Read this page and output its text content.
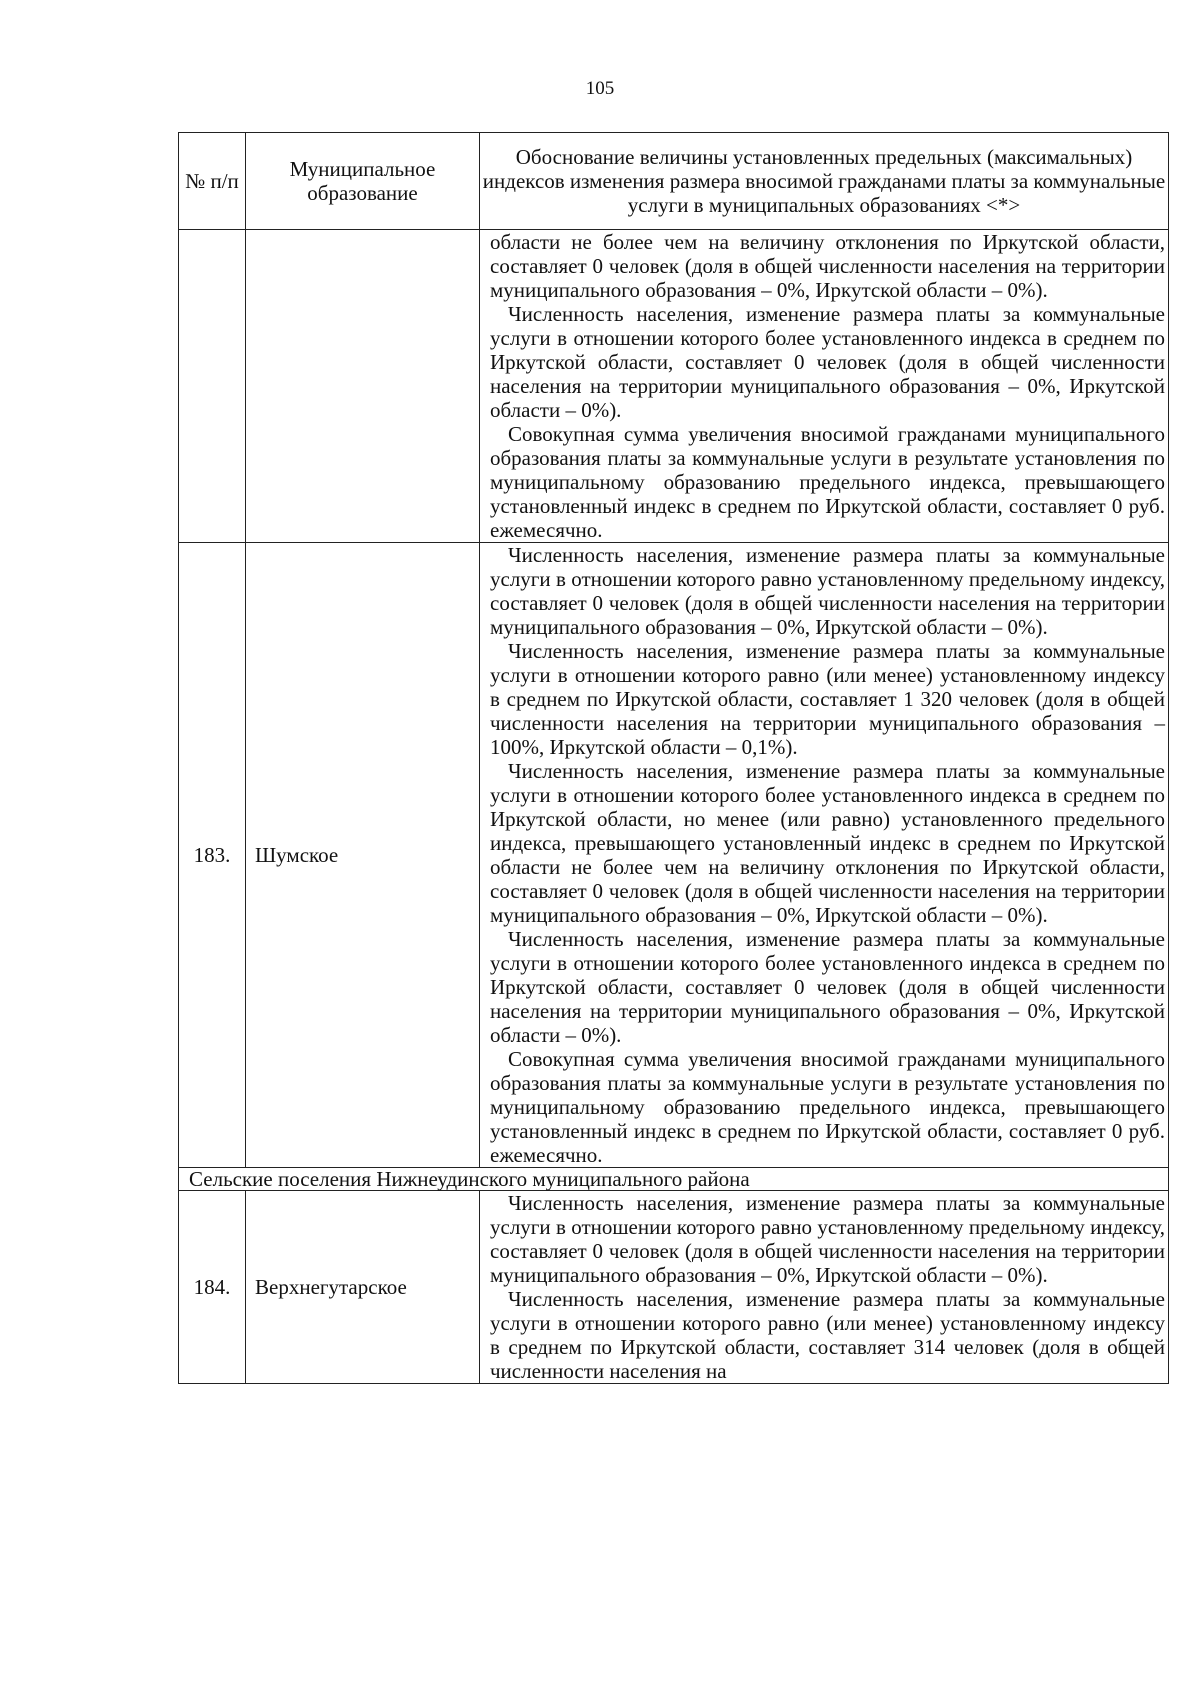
105
№ п/п	Муниципальное образование	Обоснование величины установленных предельных (максимальных) индексов изменения размера вносимой гражданами платы за коммунальные услуги в муниципальных образованиях <*>

		области не более чем на величину отклонения по Иркутской области, составляет 0 человек (доля в общей численности населения на территории муниципального образования – 0%, Иркутской области – 0%).

Численность населения, изменение размера платы за коммунальные услуги в отношении которого более установленного индекса в среднем по Иркутской области, составляет 0 человек (доля в общей численности населения на территории муниципального образования – 0%, Иркутской области – 0%).

Совокупная сумма увеличения вносимой гражданами муниципального образования платы за коммунальные услуги в результате установления по муниципальному образованию предельного индекса, превышающего установленный индекс в среднем по Иркутской области, составляет 0 руб. ежемесячно.

183.	Шумское	Численность населения, изменение размера платы за коммунальные услуги в отношении которого равно установленному предельному индексу, составляет 0 человек (доля в общей численности населения на территории муниципального образования – 0%, Иркутской области – 0%).

Численность населения, изменение размера платы за коммунальные услуги в отношении которого равно (или менее) установленному индексу в среднем по Иркутской области, составляет 1 320 человек (доля в общей численности населения на территории муниципального образования – 100%, Иркутской области – 0,1%).

Численность населения, изменение размера платы за коммунальные услуги в отношении которого более установленного индекса в среднем по Иркутской области, но менее (или равно) установленного предельного индекса, превышающего установленный индекс в среднем по Иркутской области не более чем на величину отклонения по Иркутской области, составляет 0 человек (доля в общей численности населения на территории муниципального образования – 0%, Иркутской области – 0%).

Численность населения, изменение размера платы за коммунальные услуги в отношении которого более установленного индекса в среднем по Иркутской области, составляет 0 человек (доля в общей численности населения на территории муниципального образования – 0%, Иркутской области – 0%).

Совокупная сумма увеличения вносимой гражданами муниципального образования платы за коммунальные услуги в результате установления по муниципальному образованию предельного индекса, превышающего установленный индекс в среднем по Иркутской области, составляет 0 руб. ежемесячно.

Сельские поселения Нижнеудинского муниципального района		
184.	Верхнегутарское	Численность населения, изменение размера платы за коммунальные услуги в отношении которого равно установленному предельному индексу, составляет 0 человек (доля в общей численности населения на территории муниципального образования – 0%, Иркутской области – 0%).

Численность населения, изменение размера платы за коммунальные услуги в отношении которого равно (или менее) установленному индексу в среднем по Иркутской области, составляет 314 человек (доля в общей численности населения на
